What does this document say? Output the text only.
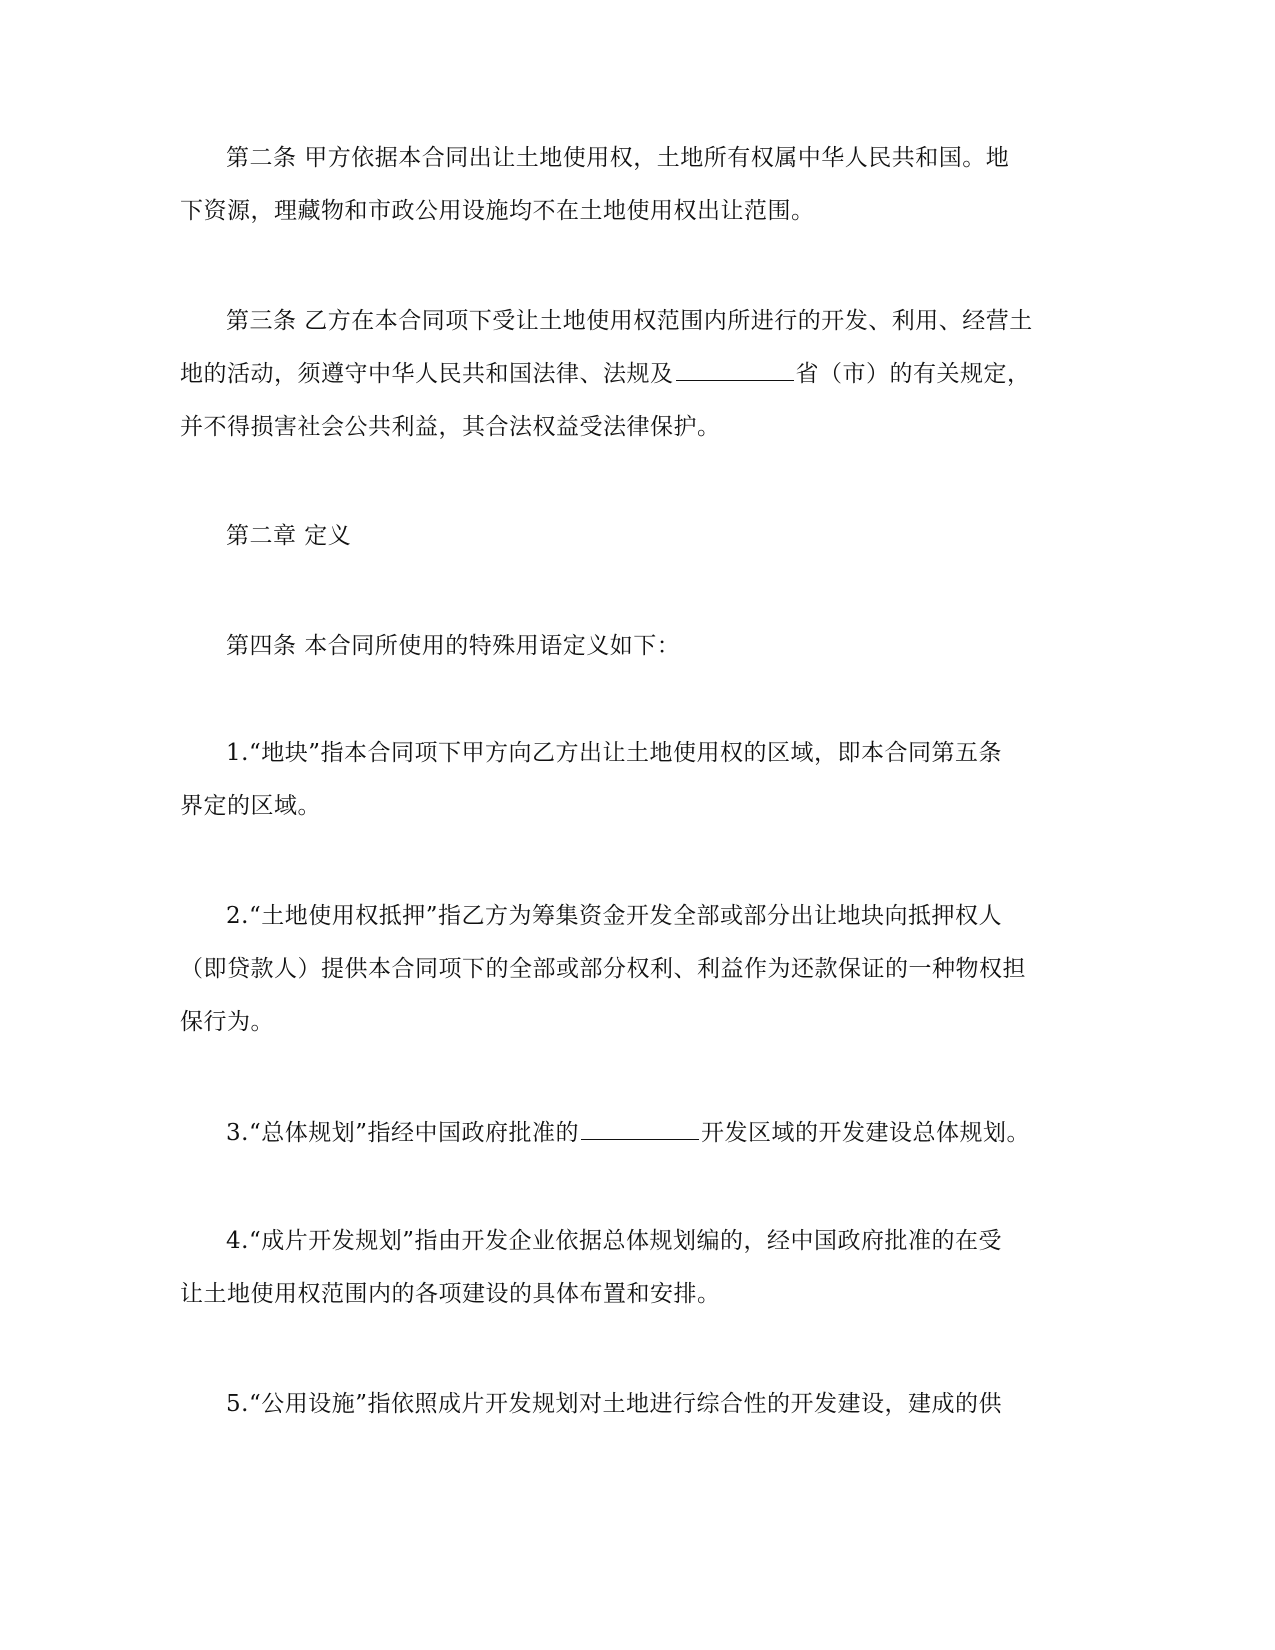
第二条 甲方依据本合同出让土地使用权，土地所有权属中华人民共和国。地
下资源，理藏物和市政公用设施均不在土地使用权出让范围。
第三条 乙方在本合同项下受让土地使用权范围内所进行的开发、利用、经营土
地的活动，须遵守中华人民共和国法律、法规及	省（市）的有关规定，
并不得损害社会公共利益，其合法权益受法律保护。
第二章 定义
第四条 本合同所使用的特殊用语定义如下：
1.“地块”指本合同项下甲方向乙方出让土地使用权的区域，即本合同第五条
界定的区域。
2.“土地使用权抵押”指乙方为筹集资金开发全部或部分出让地块向抵押权人
（即贷款人）提供本合同项下的全部或部分权利、利益作为还款保证的一种物权担
保行为。
3.“总体规划”指经中国政府批准的	开发区域的开发建设总体规划。
4.“成片开发规划”指由开发企业依据总体规划编的，经中国政府批准的在受
让土地使用权范围内的各项建设的具体布置和安排。
5.“公用设施”指依照成片开发规划对土地进行综合性的开发建设，建成的供
